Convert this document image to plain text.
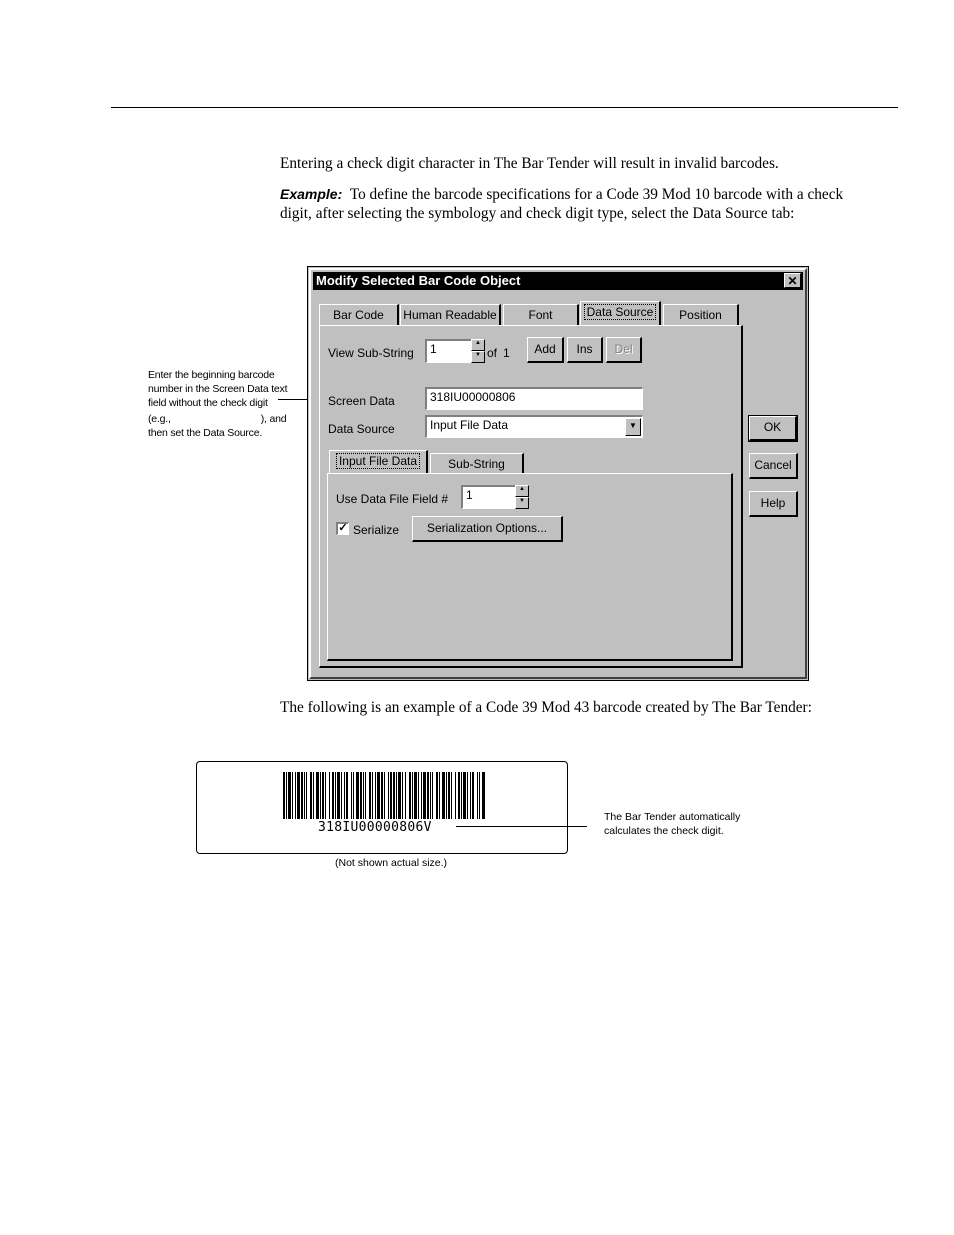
Entering a check digit character in The Bar Tender will result in invalid barcodes.
Example: To define the barcode specifications for a Code 39 Mod 10 barcode with a check digit, after selecting the symbology and check digit type, select the Data Source tab:
Enter the beginning barcode
number in the Screen Data text
field without the check digit
(e.g.,	), and
then set the Data Source.
Modify Selected Bar Code Object	✕
Bar Code	Human Readable	Font	Data Source	Position
View Sub-String	1	▲
▼ of 1	Add	Ins	Del
Screen Data	318IU00000806
Data Source	Input File Data	▼
Input File Data	Sub-String
Use Data File Field #	1	▲
▼
✓ Serialize	Serialization Options...
OK
Cancel
Help
The following is an example of a Code 39 Mod 43 barcode created by The Bar Tender:
318IU00000806V
The Bar Tender automatically
calculates the check digit.
(Not shown actual size.)
